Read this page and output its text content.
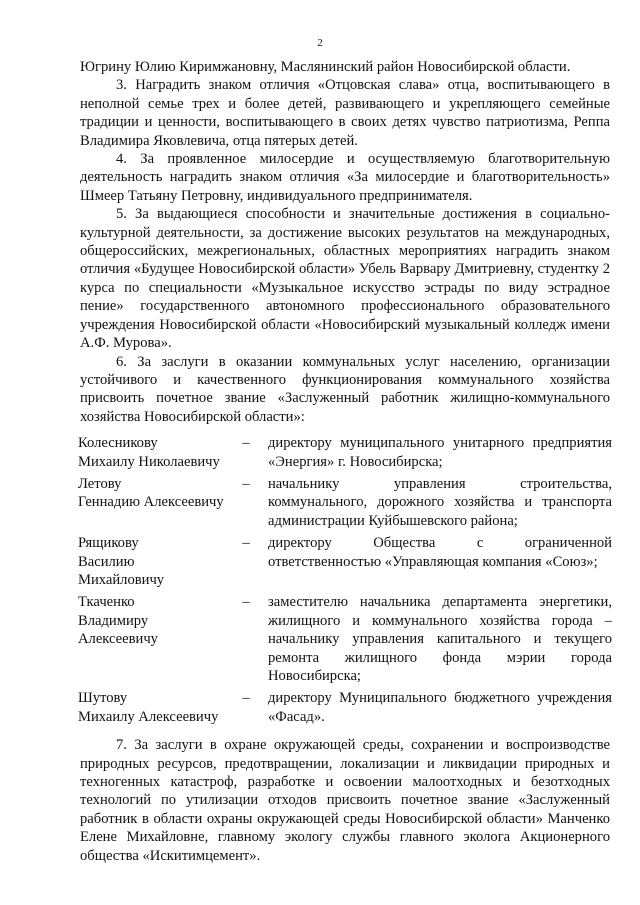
2

Югрину Юлию Киримжановну, Маслянинский район Новосибирской области.

3. Наградить знаком отличия «Отцовская слава» отца, воспитывающего в неполной семье трех и более детей, развивающего и укрепляющего семейные традиции и ценности, воспитывающего в своих детях чувство патриотизма, Реппа Владимира Яковлевича, отца пятерых детей.

4. За проявленное милосердие и осуществляемую благотворительную деятельность наградить знаком отличия «За милосердие и благотворительность» Шмеер Татьяну Петровну, индивидуального предпринимателя.

5. За выдающиеся способности и значительные достижения в социально-культурной деятельности, за достижение высоких результатов на международных, общероссийских, межрегиональных, областных мероприятиях наградить знаком отличия «Будущее Новосибирской области» Убель Варвару Дмитриевну, студентку 2 курса по специальности «Музыкальное искусство эстрады по виду эстрадное пение» государственного автономного профессионального образовательного учреждения Новосибирской области «Новосибирский музыкальный колледж имени А.Ф. Мурова».

6. За заслуги в оказании коммунальных услуг населению, организации устойчивого и качественного функционирования коммунального хозяйства присвоить почетное звание «Заслуженный работник жилищно-коммунального хозяйства Новосибирской области»:

Колесникову
Михаилу Николаевичу	–	директору муниципального унитарного предприятия «Энергия» г. Новосибирска;
Летову
Геннадию Алексеевичу	–	начальнику управления строительства, коммунального, дорожного хозяйства и транспорта администрации Куйбышевского района;
Рящикову
Василию Михайловичу	–	директору Общества с ограниченной ответственностью «Управляющая компания «Союз»;
Ткаченко
Владимиру Алексеевичу	–	заместителю начальника департамента энергетики, жилищного и коммунального хозяйства города – начальнику управления капитального и текущего ремонта жилищного фонда мэрии города Новосибирска;
Шутову
Михаилу Алексеевичу	–	директору Муниципального бюджетного учреждения «Фасад».

7. За заслуги в охране окружающей среды, сохранении и воспроизводстве природных ресурсов, предотвращении, локализации и ликвидации природных и техногенных катастроф, разработке и освоении малоотходных и безотходных технологий по утилизации отходов присвоить почетное звание «Заслуженный работник в области охраны окружающей среды Новосибирской области» Манченко Елене Михайловне, главному экологу службы главного эколога Акционерного общества «Искитимцемент».
